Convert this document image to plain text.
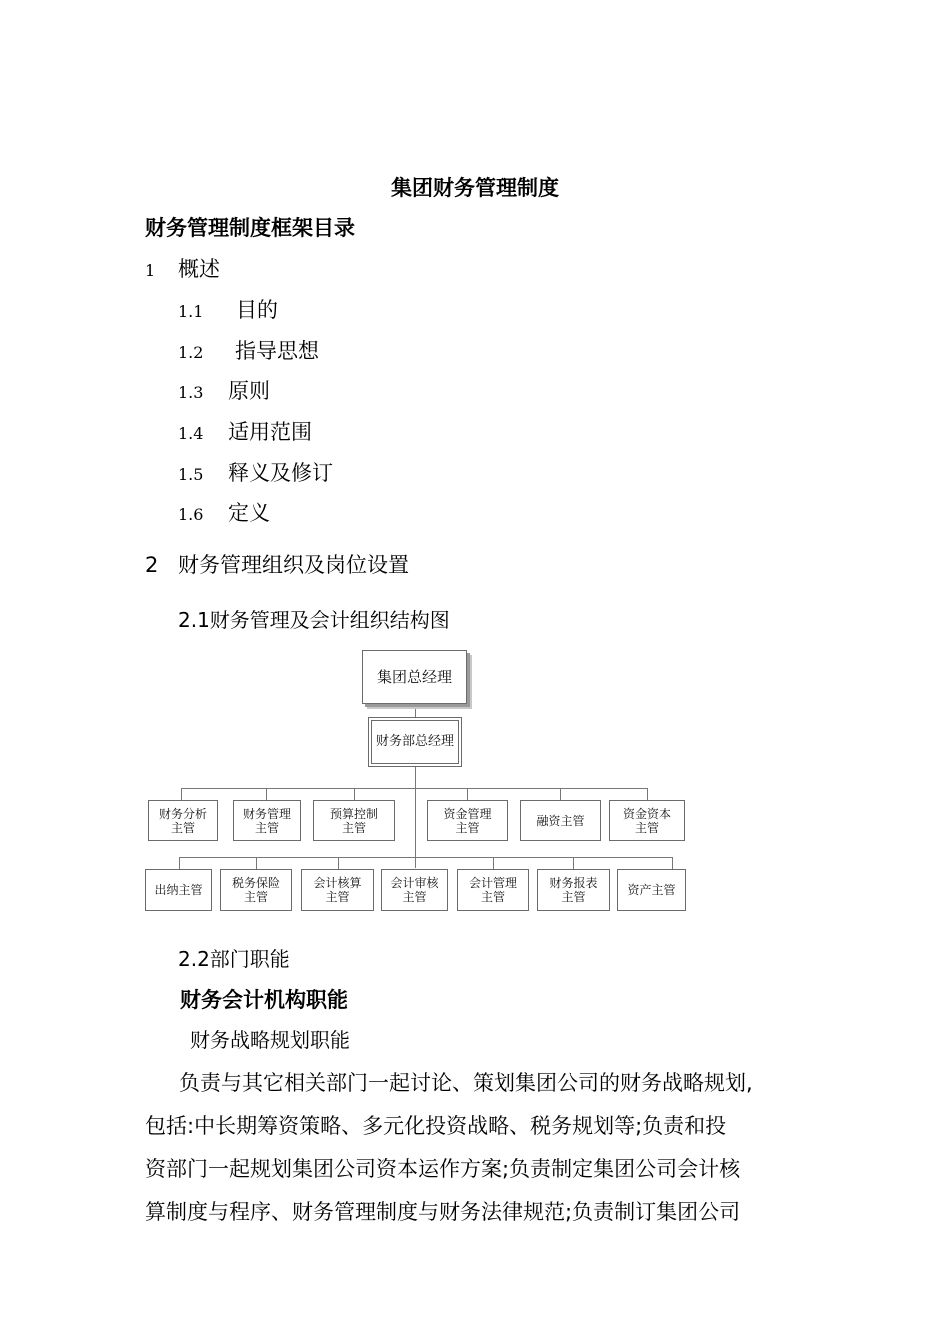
集团财务管理制度
财务管理制度框架目录
1 概述
1.1 目的
1.2 指导思想
1.3 原则
1.4 适用范围
1.5 释义及修订
1.6 定义
2 财务管理组织及岗位设置
2.1财务管理及会计组织结构图
集团总经理
财务部总经理
财务分析
主管
财务管理
主管
预算控制
主管
资金管理
主管	融资主管	资金资本
主管
出纳主管 税务保险
主管
会计核算
主管
会计审核
主管
会计管理
主管
财务报表
主管	资产主管
2.2部门职能
财务会计机构职能
财务战略规划职能
负责与其它相关部门一起讨论、策划集团公司的财务战略规划,
包括:中长期筹资策略、多元化投资战略、税务规划等;负责和投
资部门一起规划集团公司资本运作方案;负责制定集团公司会计核
算制度与程序、财务管理制度与财务法律规范;负责制订集团公司
